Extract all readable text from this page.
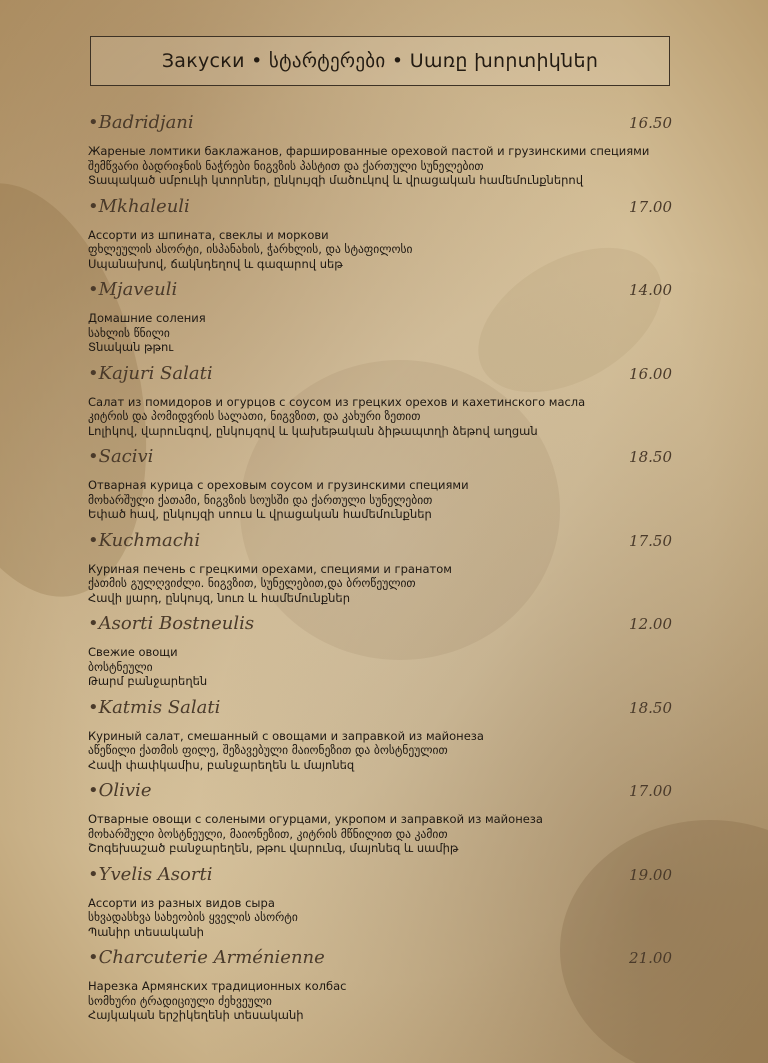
Закуски • სტარტერები • Սառը խորտիկներ
•Badridjani	16.50
Жареные ломтики баклажанов, фаршированные ореховой пастой и грузинскими специями
შემწვარი ბადრიჯნის ნაჭრები ნიგვზის პასტით და ქართული სუნელებით
Տապակած սմբուկի կտորներ, ընկույզի մածուկով և վրացական համեմունքներով
•Mkhaleuli	17.00
Ассорти из шпината, свеклы и моркови
ფხლეულის ასორტი, ისპანახის, ჭარხლის, და სტაფილოსი
Սպանախով, ճակնդեղով և գազարով սեթ
•Mjaveuli	14.00
Домашние соления
სახლის წნილი
Տնական թթու
•Kajuri Salati	16.00
Салат из помидоров и огурцов с соусом из грецких орехов и кахетинского масла
კიტრის და პომიდვრის სალათი, ნიგვზით, და კახური ზეთით
Լոլիկով, վարունգով, ընկույզով և կախեթական ձիթապտղի ձեթով աղցան
•Sacivi	18.50
Отварная курица с ореховым соусом и грузинскими специями
მოხარშული ქათამი, ნიგვზის სოუსში და ქართული სუნელებით
Եփած հավ, ընկույզի սոուս և վրացական համեմունքներ
•Kuchmachi	17.50
Куриная печень с грецкими орехами, специями и гранатом
ქათმის გულღვიძლი. ნიგვზით, სუნელებით,და ბროწეულით
Հավի լյարդ, ընկույզ, նուռ և համեմունքներ
•Asorti Bostneulis	12.00
Свежие овощи
ბოსტნეული
Թարմ բանջարեղեն
•Katmis Salati	18.50
Куриный салат, смешанный с овощами и заправкой из майонеза
აწეწილი ქათმის ფილე, შეზავებული მაიონეზით და ბოსტნეულით
Հավի փափկամիս, բանջարեղեն և մայոնեզ
•Olivie	17.00
Отварные овощи с солеными огурцами, укропом и заправкой из майонеза
მოხარშული ბოსტნეული, მაიონეზით, კიტრის მწნილით და კამით
Շոգեխաշած բանջարեղեն, թթու վարունգ, մայոնեզ և սամիթ
•Yvelis Asorti	19.00
Ассорти из разных видов сыра
სხვადასხვა სახეობის ყველის ასორტი
Պանիր տեսականի
•Charcuterie Arménienne	21.00
Нарезка Армянских традиционных колбас
სომხური ტრადიციული ძეხვეული
Հայկական երշիկեղենի տեսականի
